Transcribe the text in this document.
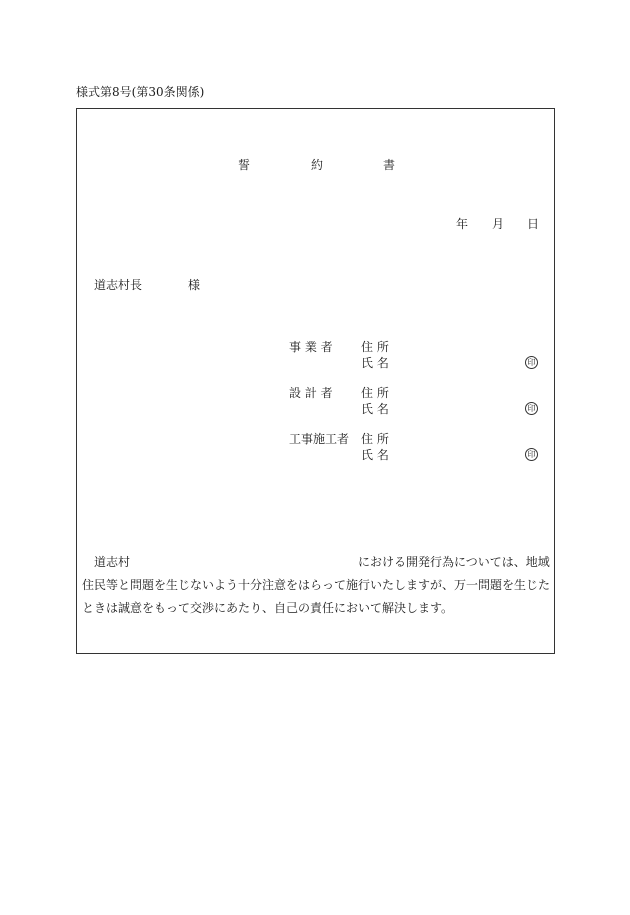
様式第8号(第30条関係)
誓	約	書
年 月 日
道志村長	様
事 業 者 住 所
氏 名	印
設 計 者 住 所
氏 名	印
工事施工者 住 所
氏 名	印
道志村	における開発行為については、地域
住民等と問題を生じないよう十分注意をはらって施行いたしますが、万一問題を生じた
ときは誠意をもって交渉にあたり、自己の責任において解決します。
